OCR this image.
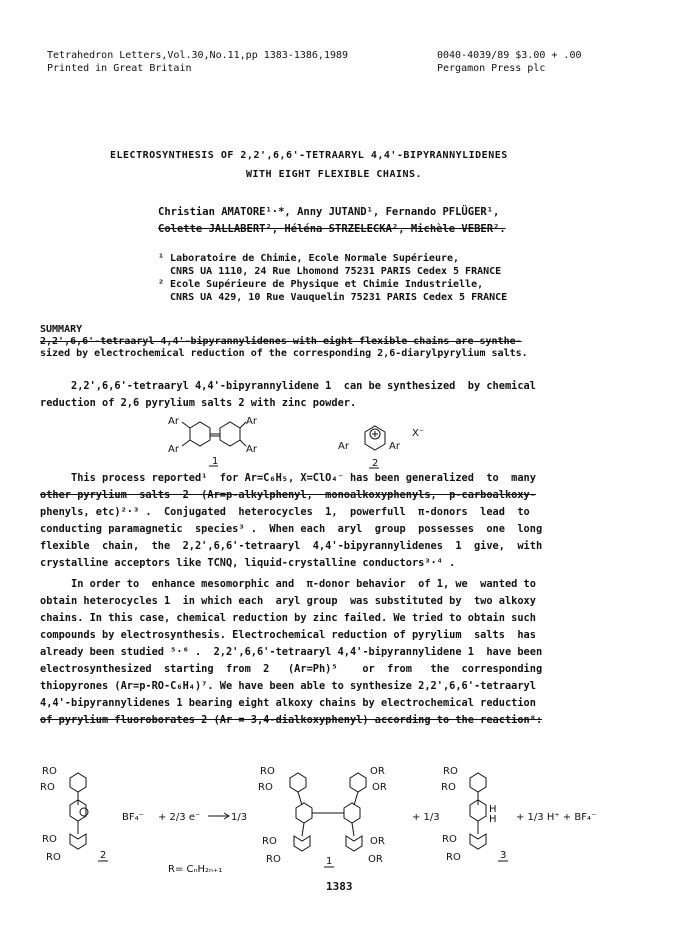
Tetrahedron Letters,Vol.30,No.11,pp 1383-1386,1989
Printed in Great Britain
0040-4039/89 $3.00 + .00
Pergamon Press plc
ELECTROSYNTHESIS OF 2,2',6,6'-TETRAARYL 4,4'-BIPYRANNYLIDENES
WITH EIGHT FLEXIBLE CHAINS.
Christian AMATORE¹·*, Anny JUTAND¹, Fernando PFLÜGER¹,
Colette JALLABERT², Héléna STRZELECKA², Michèle VEBER².
¹ Laboratoire de Chimie, Ecole Normale Supérieure,
CNRS UA 1110, 24 Rue Lhomond 75231 PARIS Cedex 5 FRANCE
² Ecole Supérieure de Physique et Chimie Industrielle,
CNRS UA 429, 10 Rue Vauquelin 75231 PARIS Cedex 5 FRANCE
SUMMARY
2,2',6,6'-tetraaryl 4,4'-bipyrannylidenes with eight flexible chains are synthe-
sized by electrochemical reduction of the corresponding 2,6-diarylpyrylium salts.
2,2',6,6'-tetraaryl 4,4'-bipyrannylidene 1  can be synthesized  by chemical
reduction of 2,6 pyrylium salts 2 with zinc powder.
Ar	Ar
Ar	Ar
1
Ar	Ar
X⁻
2
This process reported¹  for Ar=C₆H₅, X=ClO₄⁻ has been generalized  to  many
other pyrylium  salts  2  (Ar=p-alkylphenyl,  monoalkoxyphenyls,  p-carboalkoxy-
phenyls, etc)²·³ .  Conjugated  heterocycles  1,  powerfull  π-donors  lead  to
conducting paramagnetic  species³ .  When each  aryl  group  possesses  one  long
flexible  chain,  the  2,2',6,6'-tetraaryl  4,4'-bipyrannylidenes  1  give,  with
crystalline acceptors like TCNQ, liquid-crystalline conductors³·⁴ .
In order to  enhance mesomorphic and  π-donor behavior  of 1, we  wanted to
obtain heterocycles 1  in which each  aryl group  was substituted by  two alkoxy
chains. In this case, chemical reduction by zinc failed. We tried to obtain such
compounds by electrosynthesis. Electrochemical reduction of pyrylium  salts  has
already been studied ⁵·⁶ .  2,2',6,6'-tetraaryl 4,4'-bipyrannylidene 1  have been
electrosynthesized  starting  from  2   (Ar=Ph)⁵    or  from   the  corresponding
thiopyrones (Ar=p-RO-C₆H₄)⁷. We have been able to synthesize 2,2',6,6'-tetraaryl
4,4'-bipyrannylidenes 1 bearing eight alkoxy chains by electrochemical reduction
of pyrylium fluoroborates 2 (Ar = 3,4-dialkoxyphenyl) according to the reaction⁸:
RO
RO
RO
RO	2
BF₄⁻ + 2/3 e⁻	1/3
RO
RO
OR
OR
RO
RO
OR
OR
1
+ 1/3
H
H
RO
RO
RO
RO	3
+ 1/3 H⁺ + BF₄⁻
R= CₙH₂ₙ₊₁
1383
